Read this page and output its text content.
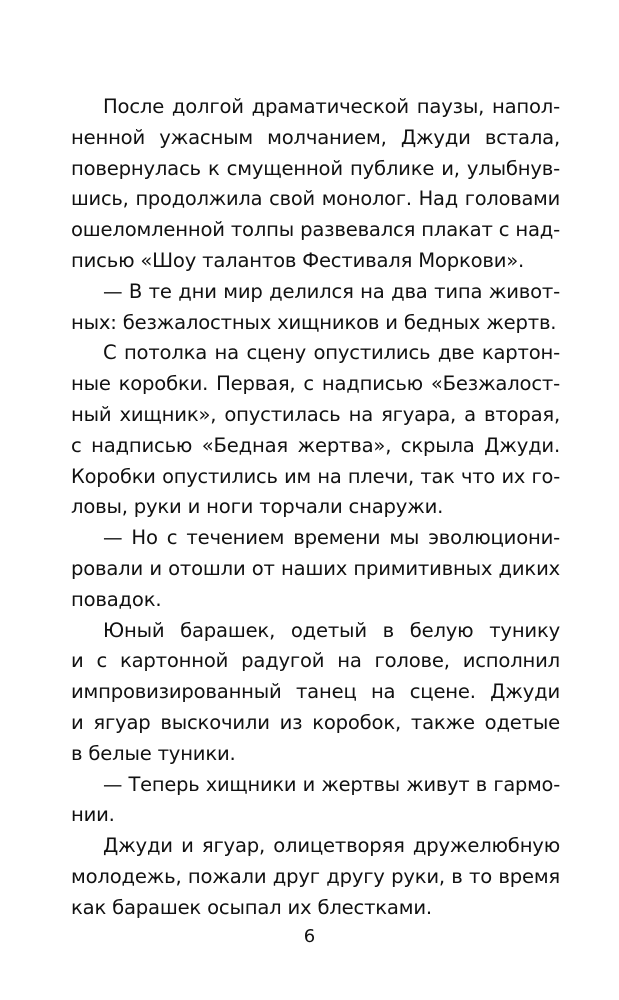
После долгой драматической паузы, напол-
ненной ужасным молчанием, Джуди встала,
повернулась к смущенной публике и, улыбнув-
шись, продолжила свой монолог. Над головами
ошеломленной толпы развевался плакат с над-
писью «Шоу талантов Фестиваля Моркови».
— В те дни мир делился на два типа живот-
ных: безжалостных хищников и бедных жертв.
С потолка на сцену опустились две картон-
ные коробки. Первая, с надписью «Безжалост-
ный хищник», опустилась на ягуара, а вторая,
с надписью «Бедная жертва», скрыла Джуди.
Коробки опустились им на плечи, так что их го-
ловы, руки и ноги торчали снаружи.
— Но с течением времени мы эволюциони-
ровали и отошли от наших примитивных диких
повадок.
Юный барашек, одетый в белую тунику
и с картонной радугой на голове, исполнил
импровизированный танец на сцене. Джуди
и ягуар выскочили из коробок, также одетые
в белые туники.
— Теперь хищники и жертвы живут в гармо-
нии.
Джуди и ягуар, олицетворяя дружелюбную
молодежь, пожали друг другу руки, в то время
как барашек осыпал их блестками.
6
